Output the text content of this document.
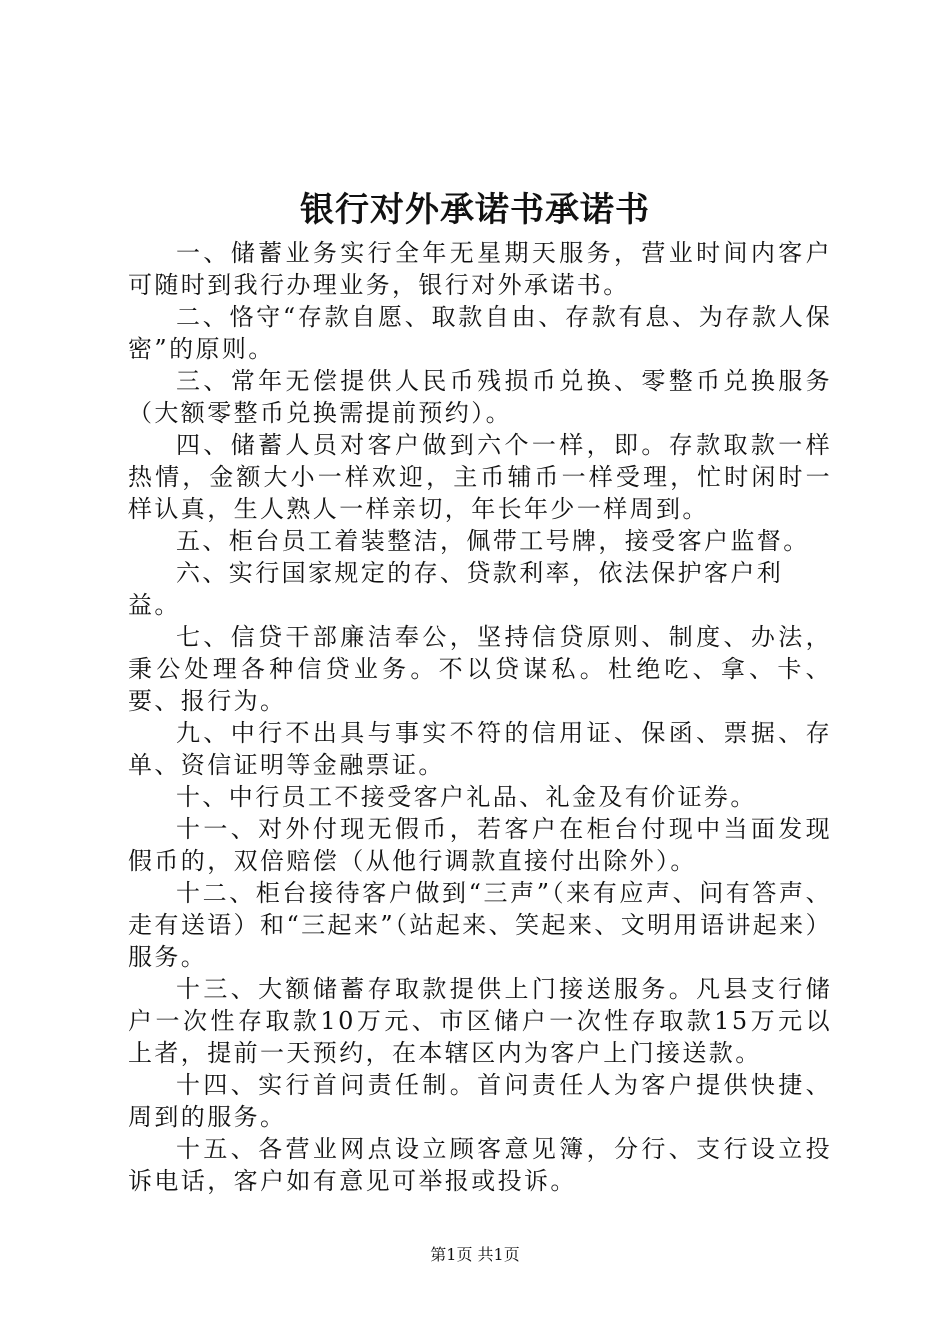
银行对外承诺书承诺书

一、储蓄业务实行全年无星期天服务，营业时间内客户可随时到我行办理业务，银行对外承诺书。

二、恪守“存款自愿、取款自由、存款有息、为存款人保密”的原则。

三、常年无偿提供人民币残损币兑换、零整币兑换服务（大额零整币兑换需提前预约）。

四、储蓄人员对客户做到六个一样，即。存款取款一样热情，金额大小一样欢迎，主币辅币一样受理，忙时闲时一样认真，生人熟人一样亲切，年长年少一样周到。

五、柜台员工着装整洁，佩带工号牌，接受客户监督。

六、实行国家规定的存、贷款利率，依法保护客户利益。

七、信贷干部廉洁奉公，坚持信贷原则、制度、办法，秉公处理各种信贷业务。不以贷谋私。杜绝吃、拿、卡、要、报行为。

九、中行不出具与事实不符的信用证、保函、票据、存单、资信证明等金融票证。

十、中行员工不接受客户礼品、礼金及有价证券。

十一、对外付现无假币，若客户在柜台付现中当面发现假币的，双倍赔偿（从他行调款直接付出除外）。

十二、柜台接待客户做到“三声”（来有应声、问有答声、走有送语）和“三起来”（站起来、笑起来、文明用语讲起来）服务。

十三、大额储蓄存取款提供上门接送服务。凡县支行储户一次性存取款10万元、市区储户一次性存取款15万元以上者，提前一天预约，在本辖区内为客户上门接送款。

十四、实行首问责任制。首问责任人为客户提供快捷、周到的服务。

十五、各营业网点设立顾客意见簿，分行、支行设立投诉电话，客户如有意见可举报或投诉。

第1页 共1页
